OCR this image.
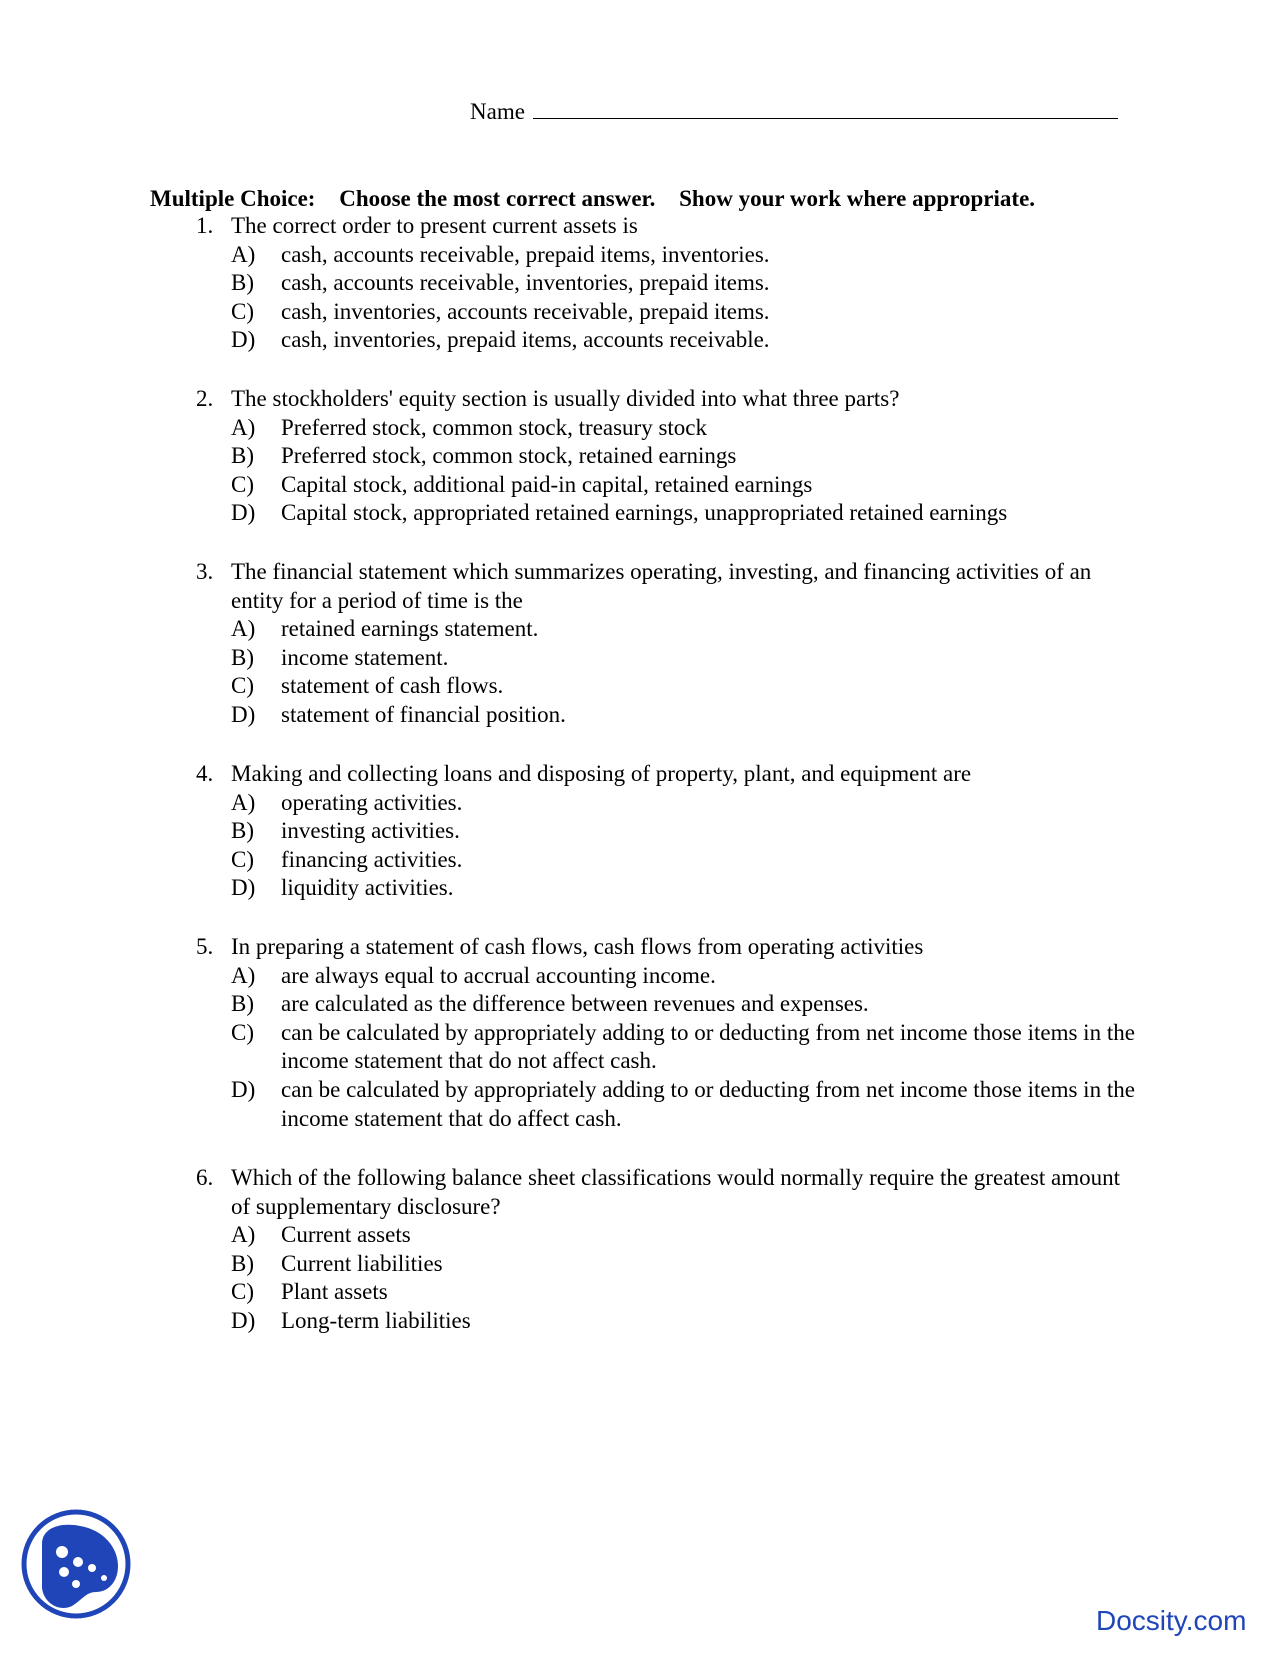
Name
Multiple Choice: Choose the most correct answer. Show your work where appropriate.
1. The correct order to present current assets is
A) cash, accounts receivable, prepaid items, inventories.
B) cash, accounts receivable, inventories, prepaid items.
C) cash, inventories, accounts receivable, prepaid items.
D) cash, inventories, prepaid items, accounts receivable.
2. The stockholders' equity section is usually divided into what three parts?
A) Preferred stock, common stock, treasury stock
B) Preferred stock, common stock, retained earnings
C) Capital stock, additional paid-in capital, retained earnings
D) Capital stock, appropriated retained earnings, unappropriated retained earnings
3. The financial statement which summarizes operating, investing, and financing activities of an entity for a period of time is the
A) retained earnings statement.
B) income statement.
C) statement of cash flows.
D) statement of financial position.
4. Making and collecting loans and disposing of property, plant, and equipment are
A) operating activities.
B) investing activities.
C) financing activities.
D) liquidity activities.
5. In preparing a statement of cash flows, cash flows from operating activities
A) are always equal to accrual accounting income.
B) are calculated as the difference between revenues and expenses.
C) can be calculated by appropriately adding to or deducting from net income those items in the income statement that do not affect cash.
D) can be calculated by appropriately adding to or deducting from net income those items in the income statement that do affect cash.
6. Which of the following balance sheet classifications would normally require the greatest amount of supplementary disclosure?
A) Current assets
B) Current liabilities
C) Plant assets
D) Long-term liabilities
Docsity.com
